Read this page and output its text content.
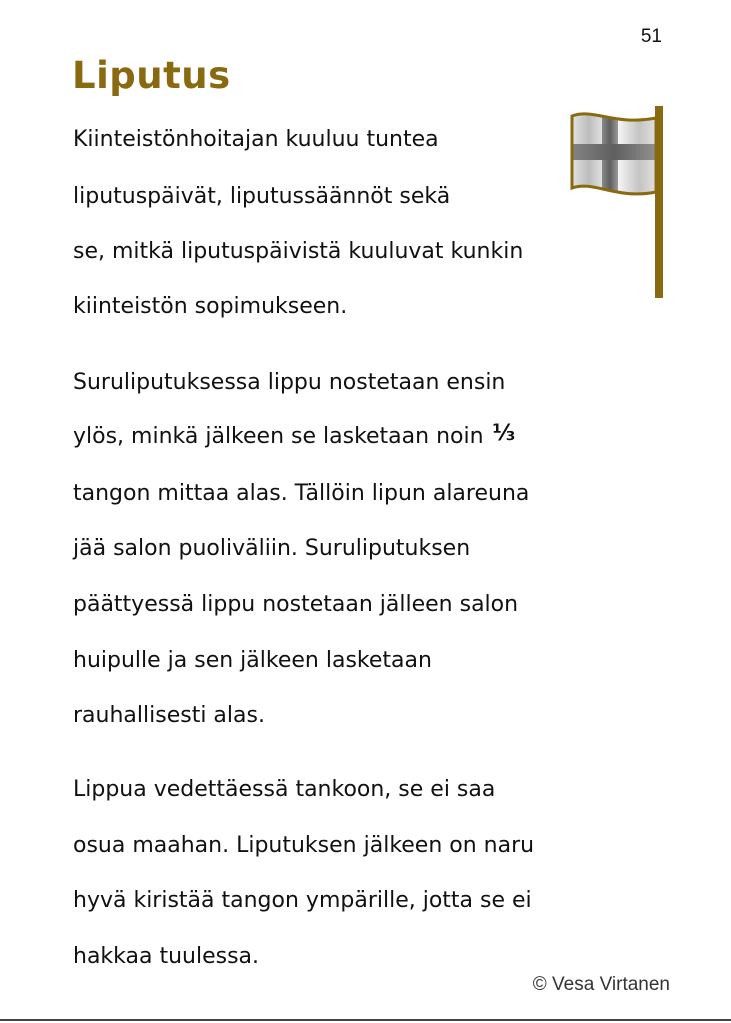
51
Liputus

Kiinteistönhoitajan kuuluu tuntea

liputuspäivät, liputussäännöt sekä

se, mitkä liputuspäivistä kuuluvat kunkin

kiinteistön sopimukseen.

Suruliputuksessa lippu nostetaan ensin

ylös, minkä jälkeen se lasketaan noin ⅓

tangon mittaa alas. Tällöin lipun alareuna

jää salon puoliväliin. Suruliputuksen

päättyessä lippu nostetaan jälleen salon

huipulle ja sen jälkeen lasketaan

rauhallisesti alas.

Lippua vedettäessä tankoon, se ei saa

osua maahan. Liputuksen jälkeen on naru

hyvä kiristää tangon ympärille, jotta se ei

hakkaa tuulessa.

© Vesa Virtanen
